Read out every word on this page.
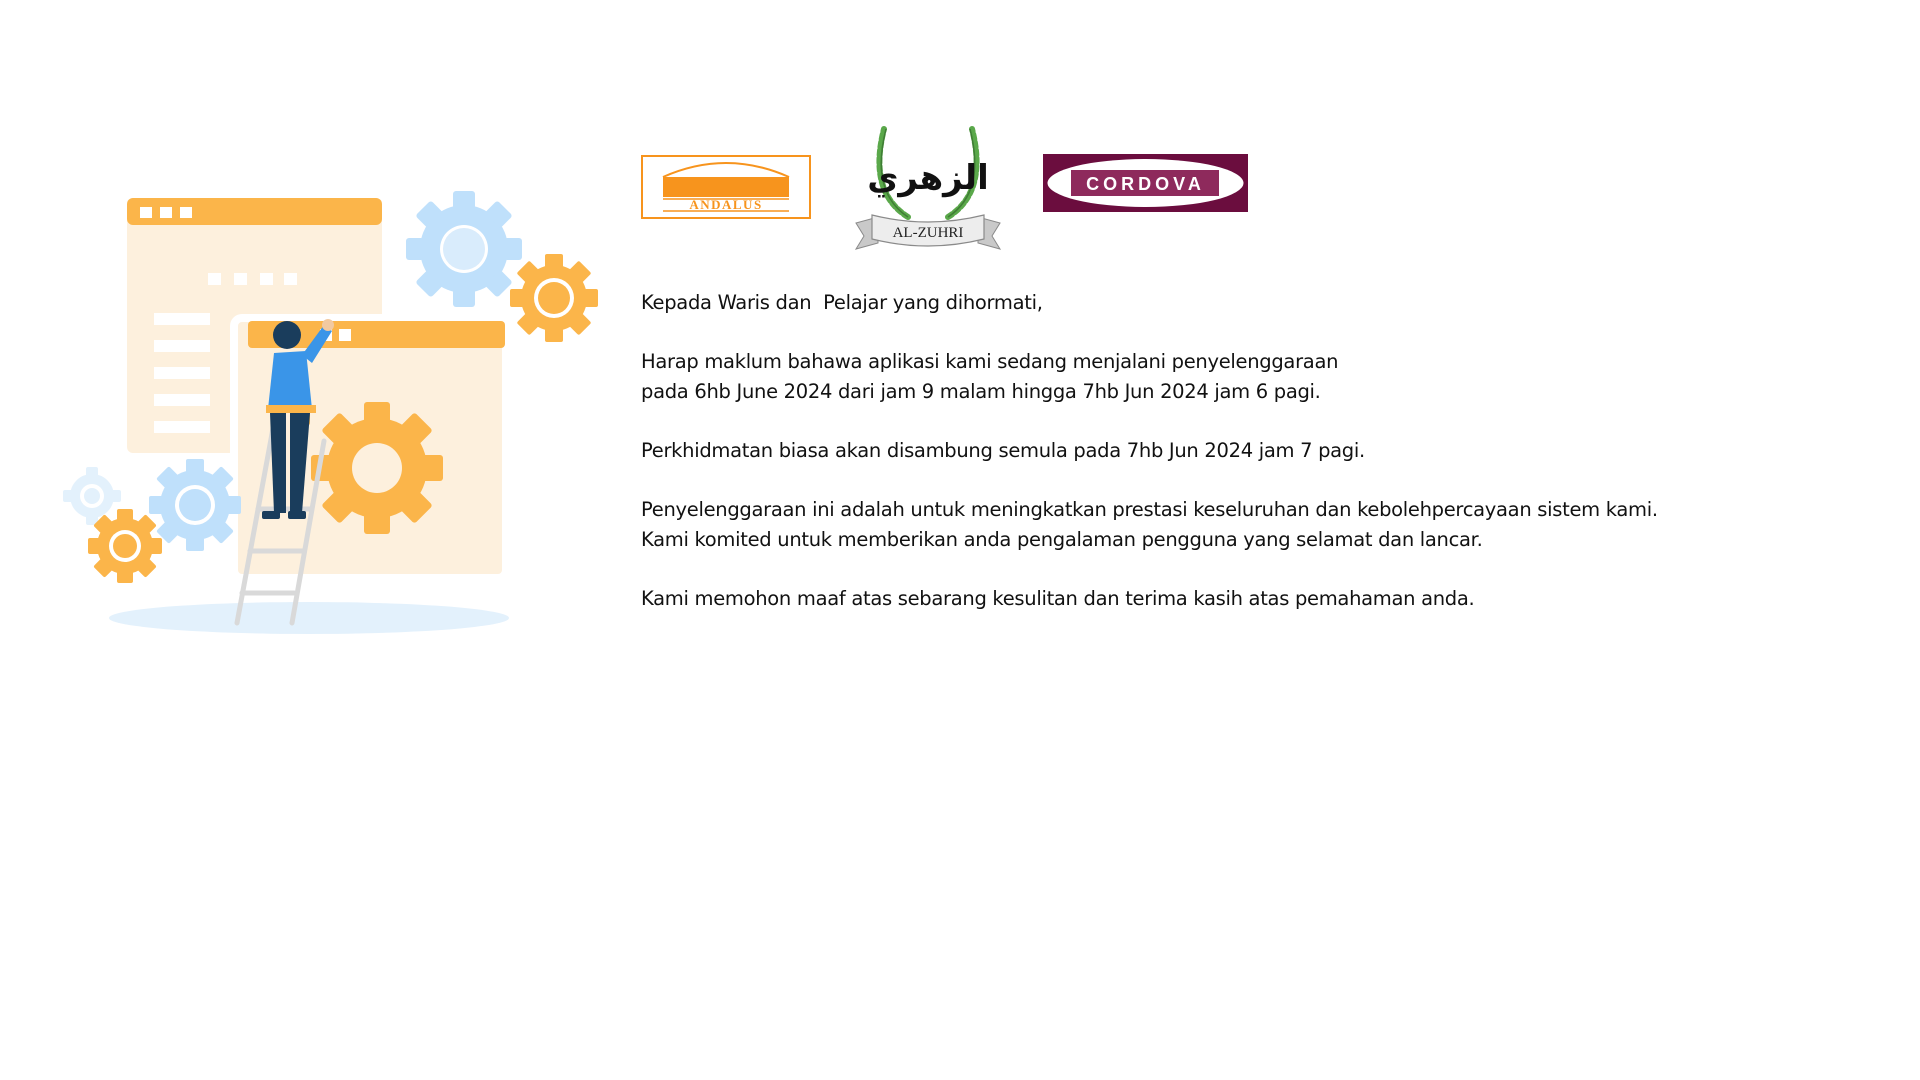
ANDALUS
الزهري
AL-ZUHRI
CORDOVA

Kepada Waris dan  Pelajar yang dihormati,

Harap maklum bahawa aplikasi kami sedang menjalani penyelenggaraan
pada 6hb June 2024 dari jam 9 malam hingga 7hb Jun 2024 jam 6 pagi.

Perkhidmatan biasa akan disambung semula pada 7hb Jun 2024 jam 7 pagi.

Penyelenggaraan ini adalah untuk meningkatkan prestasi keseluruhan dan kebolehpercayaan sistem kami.
Kami komited untuk memberikan anda pengalaman pengguna yang selamat dan lancar.

Kami memohon maaf atas sebarang kesulitan dan terima kasih atas pemahaman anda.
